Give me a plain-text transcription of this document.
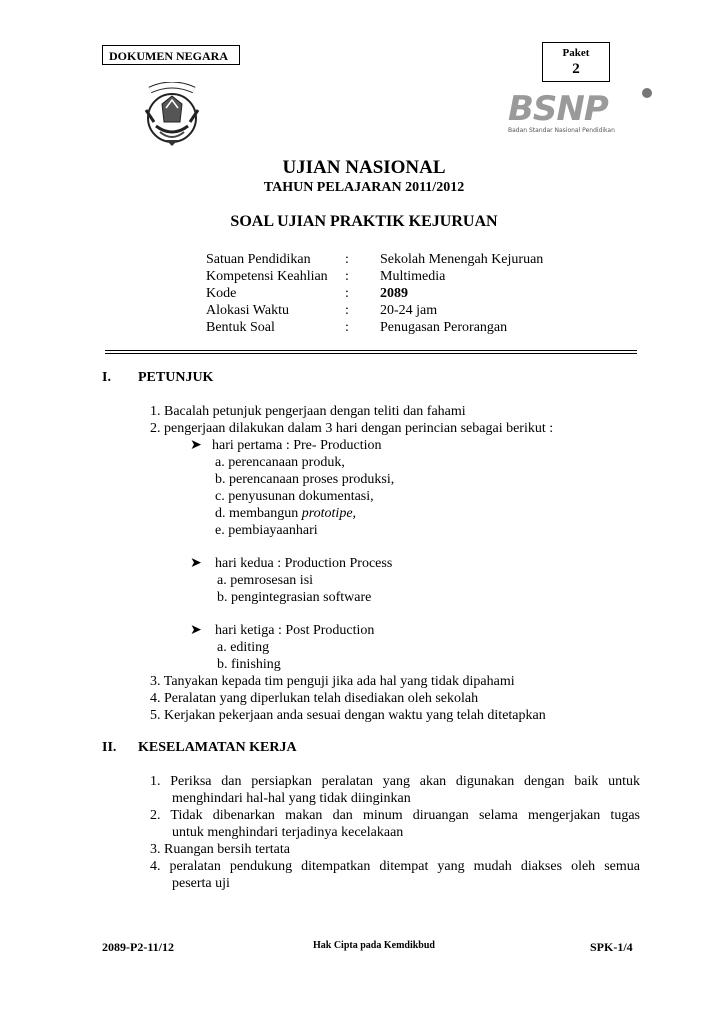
DOKUMEN NEGARA	Paket
2
BSNP
Badan Standar Nasional Pendidikan
UJIAN NASIONAL
TAHUN PELAJARAN 2011/2012
SOAL UJIAN PRAKTIK KEJURUAN
Satuan Pendidikan : Sekolah Menengah Kejuruan
Kompetensi Keahlian : Multimedia
Kode	: 2089
Alokasi Waktu	: 20-24 jam
Bentuk Soal	: Penugasan Perorangan
I. PETUNJUK
1. Bacalah petunjuk pengerjaan dengan teliti dan fahami
2. pengerjaan dilakukan dalam 3 hari dengan perincian sebagai berikut :
➤ hari pertama : Pre- Production
a. perencanaan produk,
b. perencanaan proses produksi,
c. penyusunan dokumentasi,
d. membangun prototipe,
e. pembiayaanhari
➤ hari kedua : Production Process
a. pemrosesan isi
b. pengintegrasian software
➤ hari ketiga : Post Production
a. editing
b. finishing
3. Tanyakan kepada tim penguji jika ada hal yang tidak dipahami
4. Peralatan yang diperlukan telah disediakan oleh sekolah
5. Kerjakan pekerjaan anda sesuai dengan waktu yang telah ditetapkan
II. KESELAMATAN KERJA
1. Periksa dan persiapkan peralatan yang akan digunakan dengan baik untuk
menghindari hal-hal yang tidak diinginkan
2. Tidak dibenarkan makan dan minum diruangan selama mengerjakan tugas
untuk menghindari terjadinya kecelakaan
3. Ruangan bersih tertata
4. peralatan pendukung ditempatkan ditempat yang mudah diakses oleh semua
peserta uji
2089-P2-11/12	Hak Cipta pada Kemdikbud	SPK-1/4
